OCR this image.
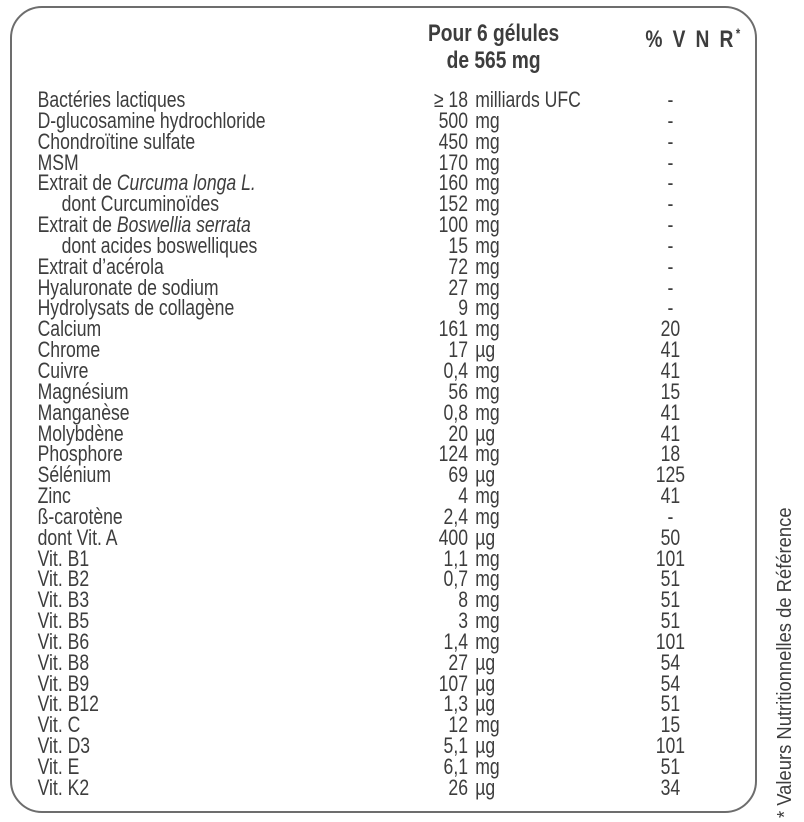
Pour 6 gélules
de 565 mg
% V N R*
Bactéries lactiques	≥ 18 milliards UFC	-
D-glucosamine hydrochloride	500 mg	-
Chondroïtine sulfate	450 mg	-
MSM	170 mg	-
Extrait de Curcuma longa L.	160 mg	-
dont Curcuminoïdes	152 mg	-
Extrait de Boswellia serrata	100 mg	-
dont acides boswelliques	15 mg	-
Extrait d’acérola	72 mg	-
Hyaluronate de sodium	27 mg	-
Hydrolysats de collagène	9 mg	-
Calcium	161 mg	20
Chrome	17 µg	41
Cuivre	0,4 mg	41
Magnésium	56 mg	15
Manganèse	0,8 mg	41
Molybdène	20 µg	41
Phosphore	124 mg	18
Sélénium	69 µg	125
Zinc	4 mg	41
ß-carotène	2,4 mg	-
dont Vit. A	400 µg	50
Vit. B1	1,1 mg	101
Vit. B2	0,7 mg	51
Vit. B3	8 mg	51
Vit. B5	3 mg	51
Vit. B6	1,4 mg	101
Vit. B8	27 µg	54
Vit. B9	107 µg	54
Vit. B12	1,3 µg	51
Vit. C	12 mg	15
Vit. D3	5,1 µg	101
Vit. E	6,1 mg	51
Vit. K2	26 µg	34	* Valeurs Nutritionnelles de Référence
